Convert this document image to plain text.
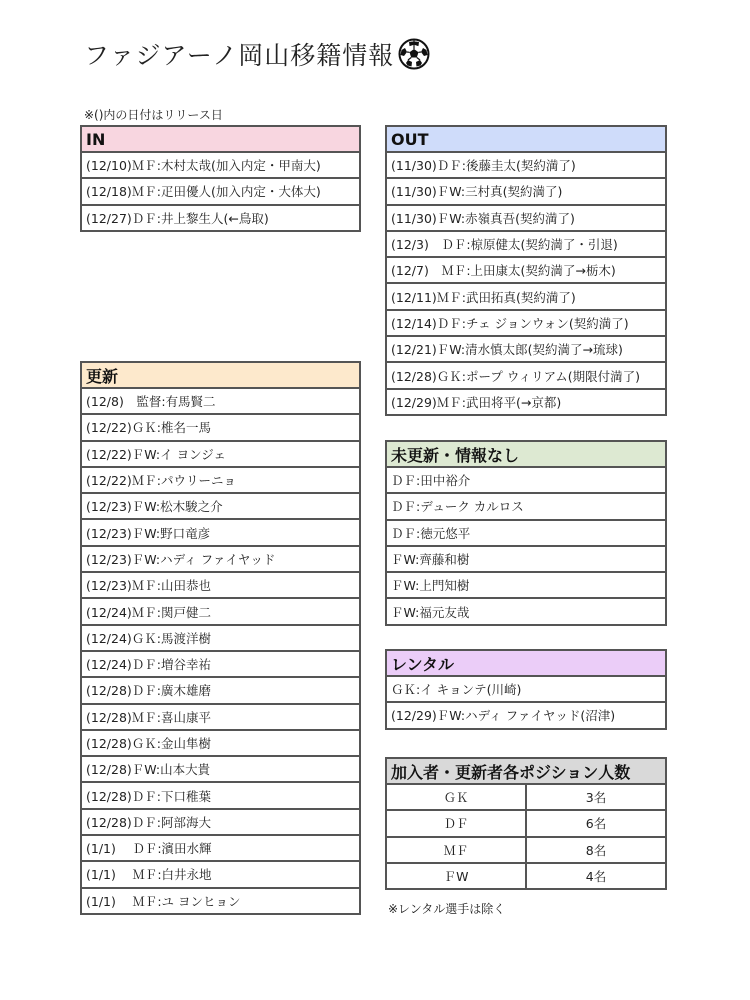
ファジアーノ岡山移籍情報
※()内の日付はリリース日
IN
(12/10)ＭＦ:木村太哉(加入内定・甲南大)
(12/18)ＭＦ:疋田優人(加入内定・大体大)
(12/27)ＤＦ:井上黎生人(←鳥取)
OUT
(11/30)ＤＦ:後藤圭太(契約満了)
(11/30)ＦW:三村真(契約満了)
(11/30)ＦW:赤嶺真吾(契約満了)
(12/3)　ＤＦ:椋原健太(契約満了・引退)
(12/7)　ＭＦ:上田康太(契約満了→栃木)
(12/11)ＭＦ:武田拓真(契約満了)
(12/14)ＤＦ:チェ ジョンウォン(契約満了)
(12/21)ＦW:清水慎太郎(契約満了→琉球)
(12/28)ＧＫ:ポープ ウィリアム(期限付満了)
(12/29)ＭＦ:武田将平(→京都)
更新
(12/8)　監督:有馬賢二
(12/22)ＧＫ:椎名一馬
(12/22)ＦW:イ ヨンジェ
(12/22)ＭＦ:パウリーニョ
(12/23)ＦW:松木駿之介
(12/23)ＦW:野口竜彦
(12/23)ＦW:ハディ ファイヤッド
(12/23)ＭＦ:山田恭也
(12/24)ＭＦ:関戸健二
(12/24)ＧＫ:馬渡洋樹
(12/24)ＤＦ:増谷幸祐
(12/28)ＤＦ:廣木雄磨
(12/28)ＭＦ:喜山康平
(12/28)ＧＫ:金山隼樹
(12/28)ＦW:山本大貴
(12/28)ＤＦ:下口稚葉
(12/28)ＤＦ:阿部海大
(1/1)　 ＤＦ:濱田水輝
(1/1)　 ＭＦ:白井永地
(1/1)　 ＭＦ:ユ ヨンヒョン
未更新・情報なし
ＤＦ:田中裕介
ＤＦ:デューク カルロス
ＤＦ:徳元悠平
ＦW:齊藤和樹
ＦW:上門知樹
ＦW:福元友哉
レンタル
ＧＫ:イ キョンテ(川崎)
(12/29)ＦW:ハディ ファイヤッド(沼津)
加入者・更新者各ポジション人数	
ＧＫ	3名
ＤＦ	6名
ＭＦ	8名
ＦW	4名
※レンタル選手は除く
